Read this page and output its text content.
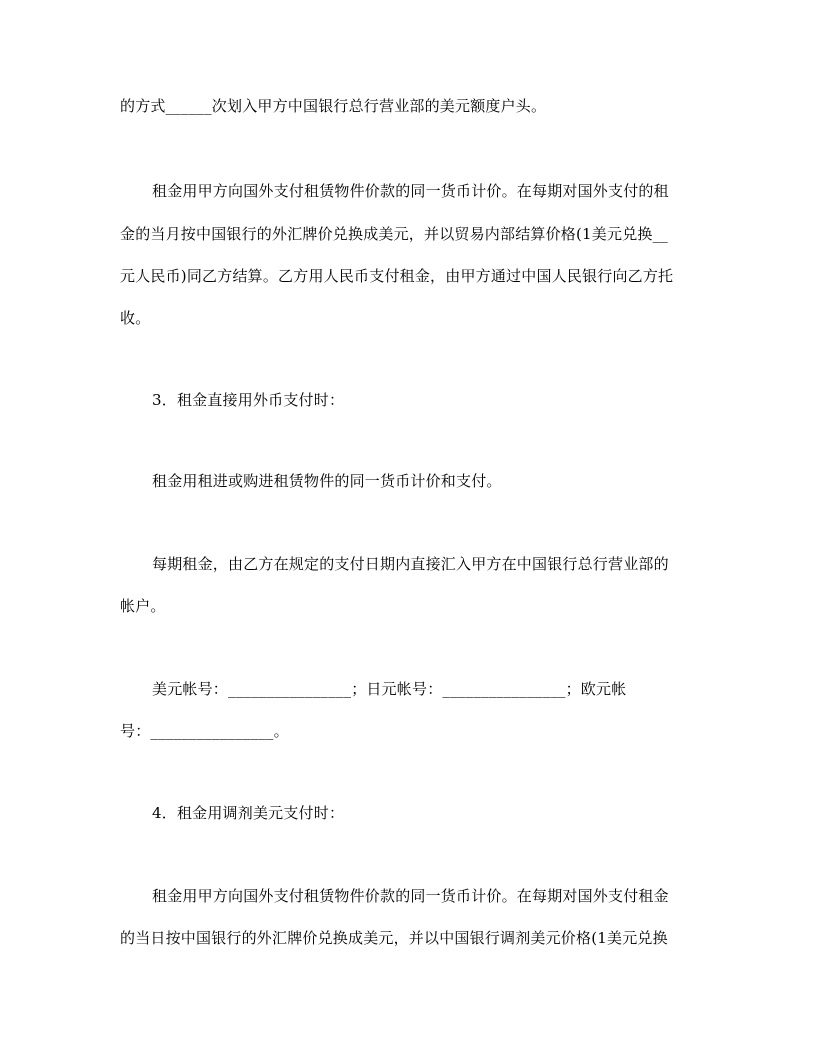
的方式______次划入甲方中国银行总行营业部的美元额度户头。
租金用甲方向国外支付租赁物件价款的同一货币计价。在每期对国外支付的租
金的当月按中国银行的外汇牌价兑换成美元，并以贸易内部结算价格(1美元兑换__
元人民币)同乙方结算。乙方用人民币支付租金，由甲方通过中国人民银行向乙方托
收。
3．租金直接用外币支付时：
租金用租进或购进租赁物件的同一货币计价和支付。
每期租金，由乙方在规定的支付日期内直接汇入甲方在中国银行总行营业部的
帐户。
美元帐号：________________；日元帐号：________________；欧元帐
号：________________。
4．租金用调剂美元支付时：
租金用甲方向国外支付租赁物件价款的同一货币计价。在每期对国外支付租金
的当日按中国银行的外汇牌价兑换成美元，并以中国银行调剂美元价格(1美元兑换
